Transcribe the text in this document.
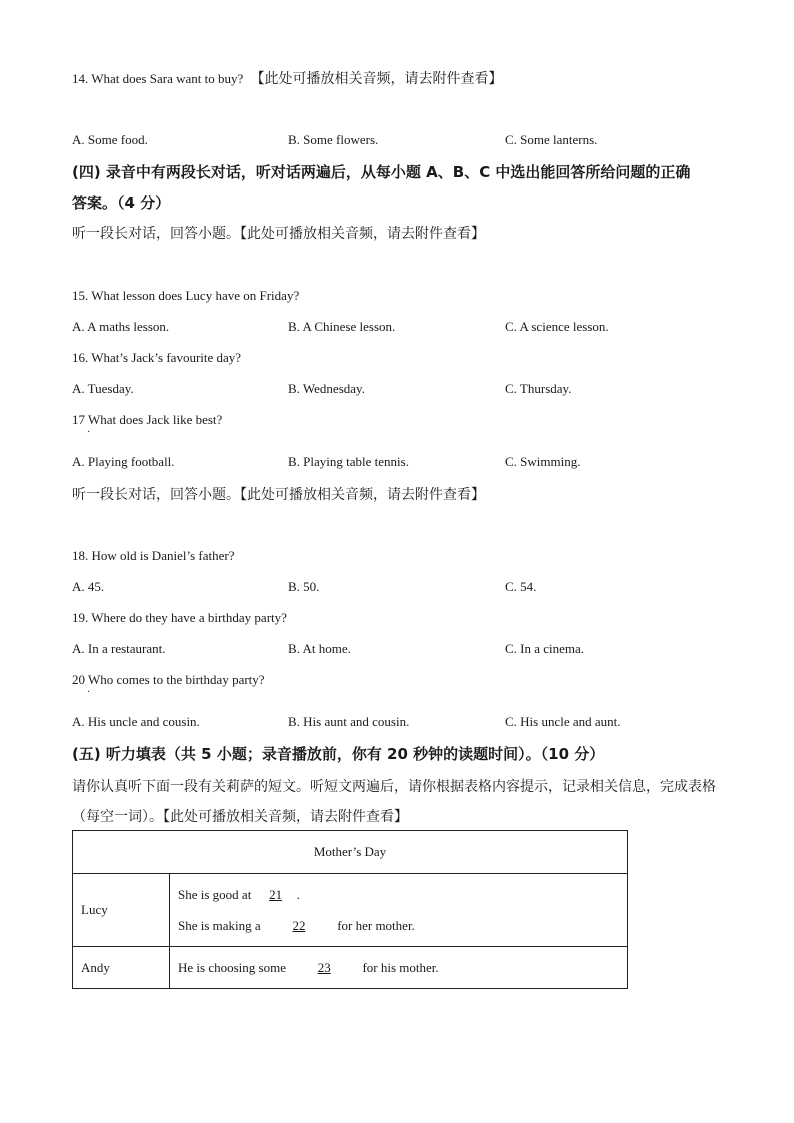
14. What does Sara want to buy? 【此处可播放相关音频，请去附件查看】
A. Some food.	B. Some flowers.	C. Some lanterns.
(四) 录音中有两段长对话，听对话两遍后，从每小题 A、B、C 中选出能回答所给问题的正确
答案。（4 分）
听一段长对话，回答小题。【此处可播放相关音频，请去附件查看】
15. What lesson does Lucy have on Friday?
A. A maths lesson.	B. A Chinese lesson.	C. A science lesson.
16. What’s Jack’s favourite day?
A. Tuesday.	B. Wednesday.	C. Thursday.
17 What does Jack like best?
·
A. Playing football.	B. Playing table tennis.	C. Swimming.
听一段长对话，回答小题。【此处可播放相关音频，请去附件查看】
18. How old is Daniel’s father?
A. 45.	B. 50.	C. 54.
19. Where do they have a birthday party?
A. In a restaurant.	B. At home.	C. In a cinema.
20 Who comes to the birthday party?
·
A. His uncle and cousin.	B. His aunt and cousin.	C. His uncle and aunt.
(五) 听力填表（共 5 小题；录音播放前，你有 20 秒钟的读题时间）。（10 分）
请你认真听下面一段有关莉萨的短文。听短文两遍后，请你根据表格内容提示，记录相关信息，完成表格
（每空一词）。【此处可播放相关音频，请去附件查看】
Mother’s Day	
Lucy	She is good at 21 .
She is making a 22 for her mother.

Andy	He is choosing some 23 for his mother.
